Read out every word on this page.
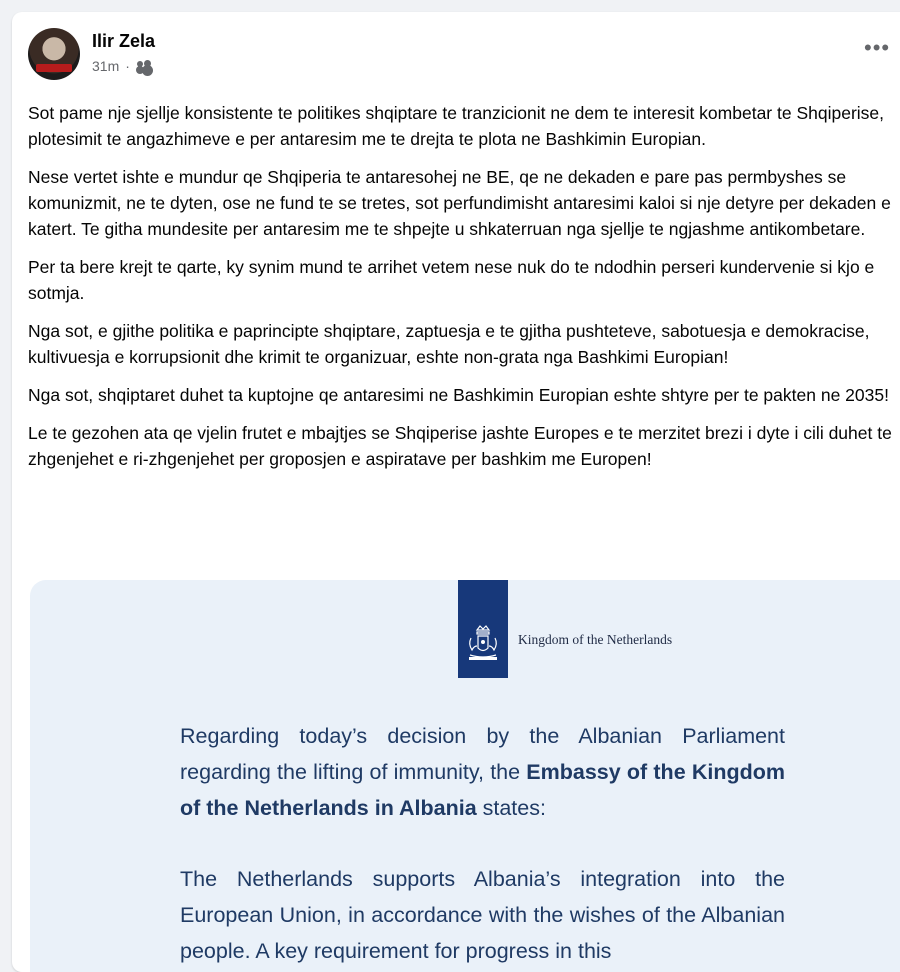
Ilir Zela
31m ·
•••

Sot pame nje sjellje konsistente te politikes shqiptare te tranzicionit ne dem te interesit kombetar te Shqiperise, plotesimit te angazhimeve e per antaresim me te drejta te plota ne Bashkimin Europian.

Nese vertet ishte e mundur qe Shqiperia te antaresohej ne BE, qe ne dekaden e pare pas permbyshes se komunizmit, ne te dyten, ose ne fund te se tretes, sot perfundimisht antaresimi kaloi si nje detyre per dekaden e katert. Te githa mundesite per antaresim me te shpejte u shkaterruan nga sjellje te ngjashme antikombetare.

Per ta bere krejt te qarte, ky synim mund te arrihet vetem nese nuk do te ndodhin perseri kundervenie si kjo e sotmja.

Nga sot, e gjithe politika e paprincipte shqiptare, zaptuesja e te gjitha pushteteve, sabotuesja e demokracise, kultivuesja e korrupsionit dhe krimit te organizuar, eshte non-grata nga Bashkimi Europian!

Nga sot, shqiptaret duhet ta kuptojne qe antaresimi ne Bashkimin Europian eshte shtyre per te pakten ne 2035!

Le te gezohen ata qe vjelin frutet e mbajtjes se Shqiperise jashte Europes e te merzitet brezi i dyte i cili duhet te zhgenjehet e ri-zhgenjehet per groposjen e aspiratave per bashkim me Europen!

Kingdom of the Netherlands

Regarding today’s decision by the Albanian Parliament regarding the lifting of immunity, the Embassy of the Kingdom of the Netherlands in Albania states:

The Netherlands supports Albania’s integration into the European Union, in accordance with the wishes of the Albanian people. A key requirement for progress in this
